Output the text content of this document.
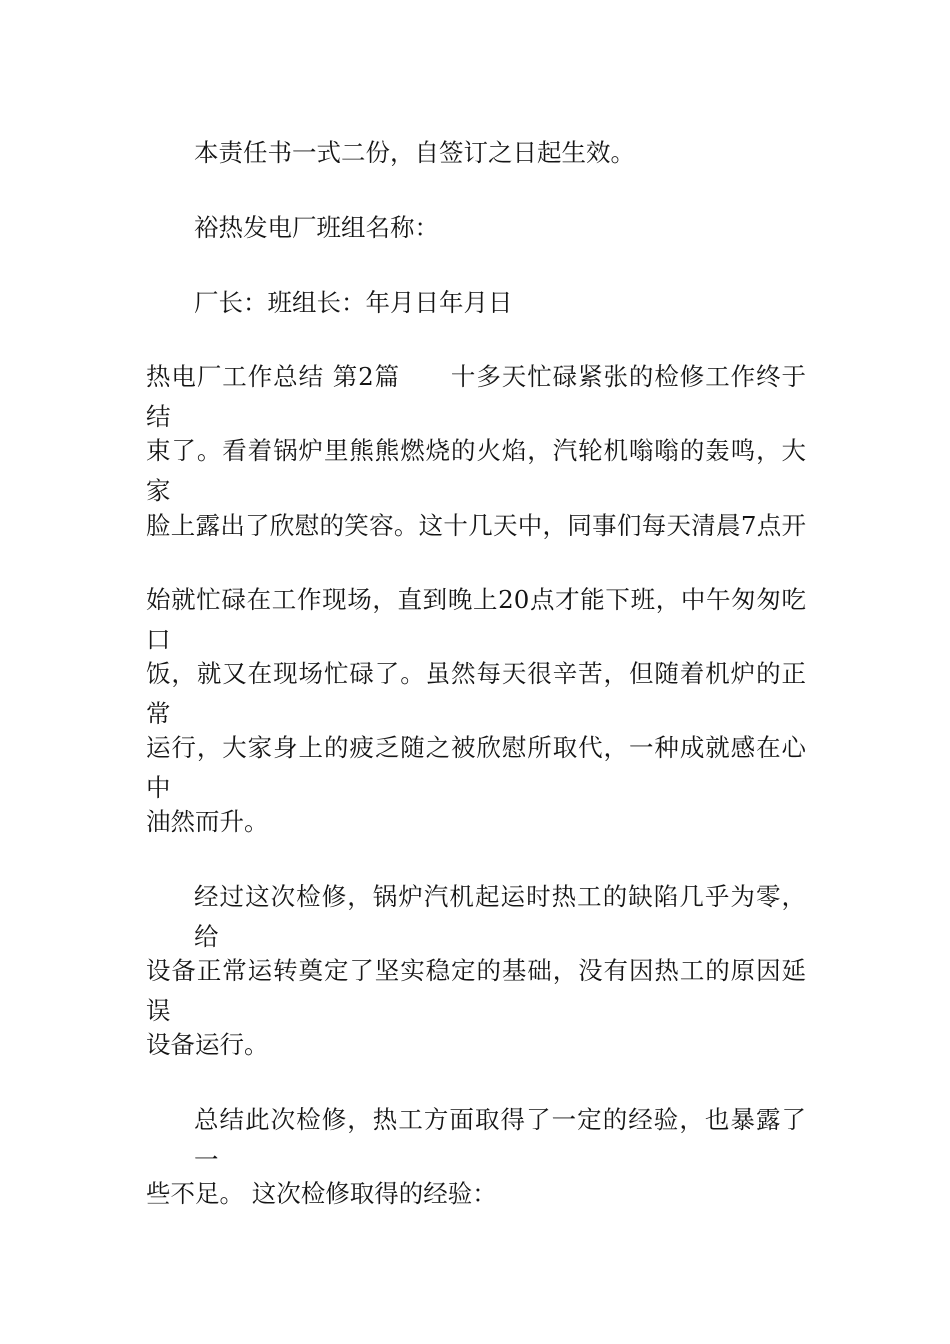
本责任书一式二份，自签订之日起生效。
裕热发电厂班组名称：
厂长：班组长：年月日年月日
热电厂工作总结 第2篇　　十多天忙碌紧张的检修工作终于结
束了。看着锅炉里熊熊燃烧的火焰，汽轮机嗡嗡的轰鸣，大家
脸上露出了欣慰的笑容。这十几天中，同事们每天清晨7点开
始就忙碌在工作现场，直到晚上20点才能下班，中午匆匆吃口
饭，就又在现场忙碌了。虽然每天很辛苦，但随着机炉的正常
运行，大家身上的疲乏随之被欣慰所取代，一种成就感在心中
油然而升。
经过这次检修，锅炉汽机起运时热工的缺陷几乎为零，给
设备正常运转奠定了坚实稳定的基础，没有因热工的原因延误
设备运行。
总结此次检修，热工方面取得了一定的经验，也暴露了一
些不足。 这次检修取得的经验：
